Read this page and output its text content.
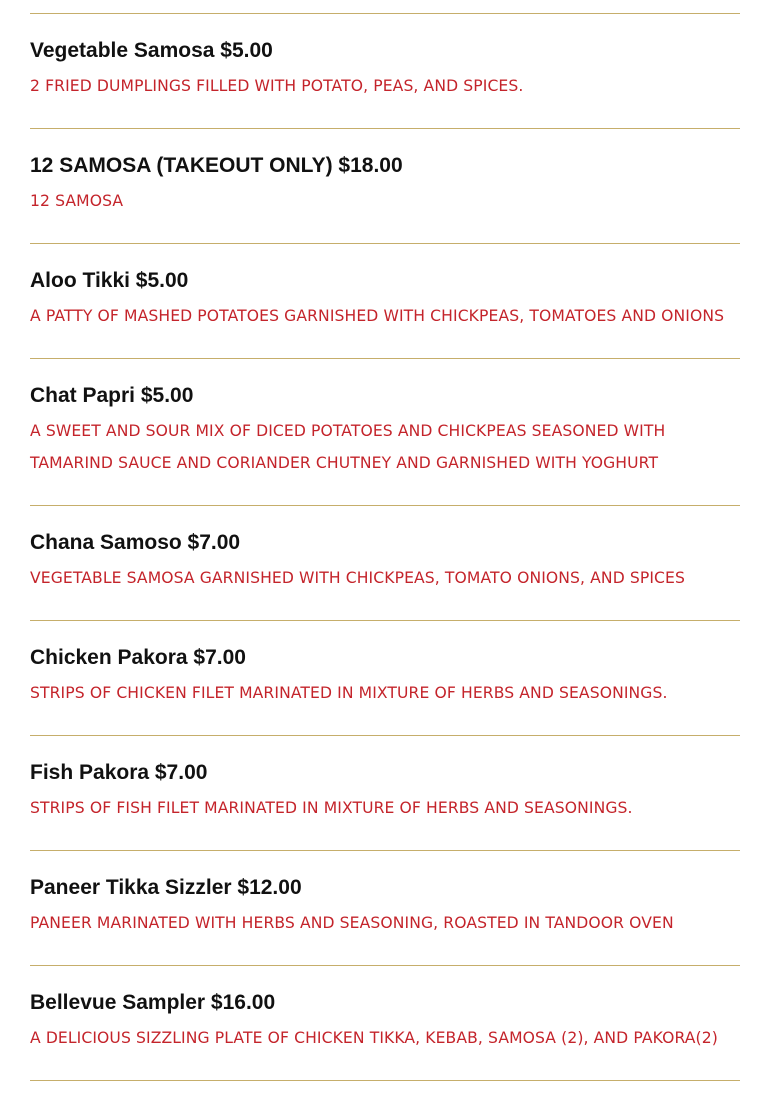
Vegetable Samosa $5.00
2 FRIED DUMPLINGS FILLED WITH POTATO, PEAS, AND SPICES.
12 SAMOSA (TAKEOUT ONLY) $18.00
12 SAMOSA
Aloo Tikki $5.00
A PATTY OF MASHED POTATOES GARNISHED WITH CHICKPEAS, TOMATOES AND ONIONS
Chat Papri $5.00
A SWEET AND SOUR MIX OF DICED POTATOES AND CHICKPEAS SEASONED WITH TAMARIND SAUCE AND CORIANDER CHUTNEY AND GARNISHED WITH YOGHURT
Chana Samoso $7.00
VEGETABLE SAMOSA GARNISHED WITH CHICKPEAS, TOMATO ONIONS, AND SPICES
Chicken Pakora $7.00
STRIPS OF CHICKEN FILET MARINATED IN MIXTURE OF HERBS AND SEASONINGS.
Fish Pakora $7.00
STRIPS OF FISH FILET MARINATED IN MIXTURE OF HERBS AND SEASONINGS.
Paneer Tikka Sizzler $12.00
PANEER MARINATED WITH HERBS AND SEASONING, ROASTED IN TANDOOR OVEN
Bellevue Sampler $16.00
A DELICIOUS SIZZLING PLATE OF CHICKEN TIKKA, KEBAB, SAMOSA (2), AND PAKORA(2)
